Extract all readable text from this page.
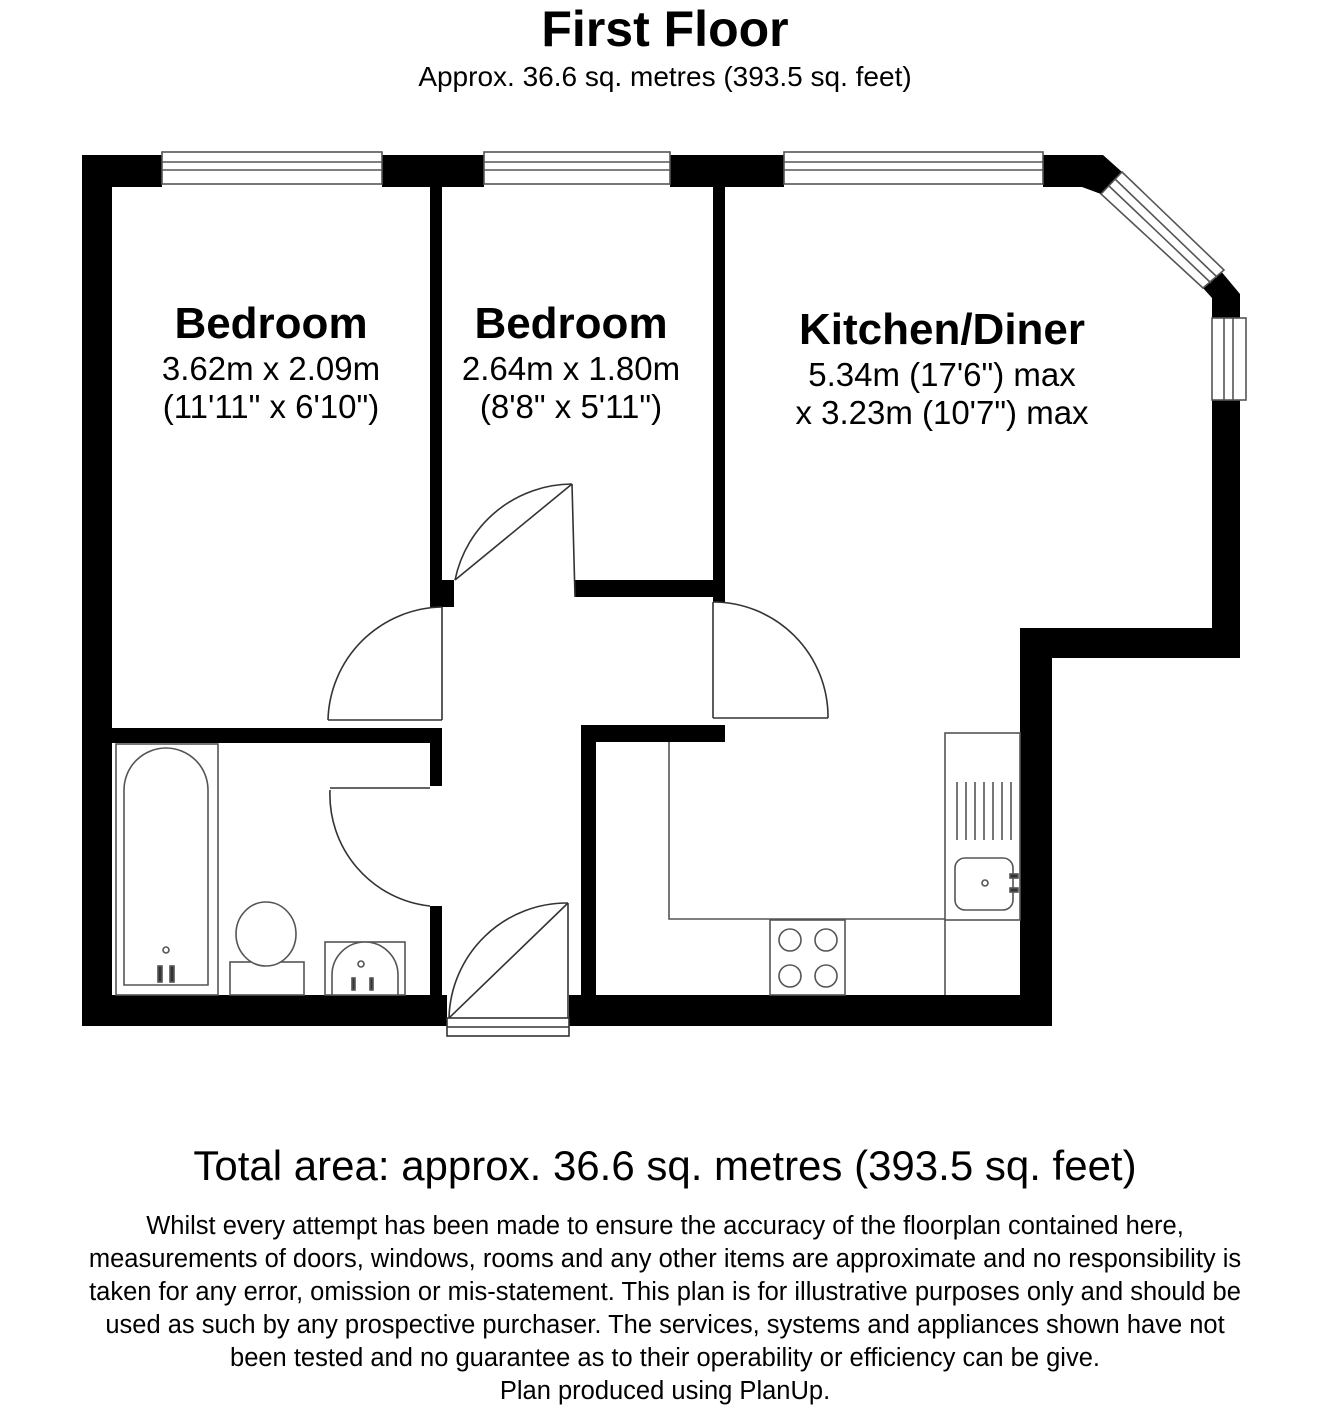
First Floor
Approx. 36.6 sq. metres (393.5 sq. feet)
Bedroom
3.62m x 2.09m
(11'11" x 6'10")
Bedroom
2.64m x 1.80m
(8'8" x 5'11")
Kitchen/Diner
5.34m (17'6") max
x 3.23m (10'7") max
Total area: approx. 36.6 sq. metres (393.5 sq. feet)
Whilst every attempt has been made to ensure the accuracy of the floorplan contained here,
measurements of doors, windows, rooms and any other items are approximate and no responsibility is
taken for any error, omission or mis-statement. This plan is for illustrative purposes only and should be
used as such by any prospective purchaser. The services, systems and appliances shown have not
been tested and no guarantee as to their operability or efficiency can be give.
Plan produced using PlanUp.
